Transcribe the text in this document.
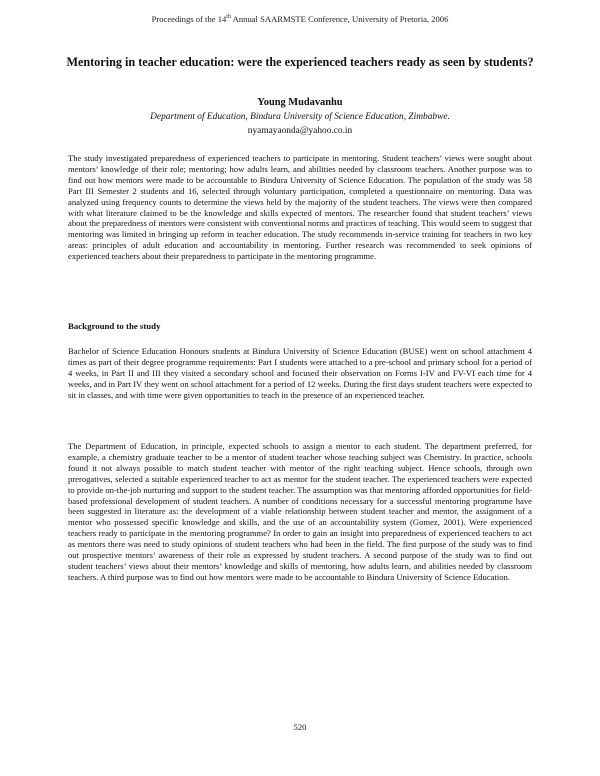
Proceedings of the 14th Annual SAARMSTE Conference, University of Pretoria, 2006
Mentoring in teacher education: were the experienced teachers ready as seen by students?
Young Mudavanhu
Department of Education, Bindura University of Science Education, Zimbabwe.
nyamayaonda@yahoo.co.in

The study investigated preparedness of experienced teachers to participate in mentoring. Student teachers’ views were sought about mentors’ knowledge of their role; mentoring; how adults learn, and abilities needed by classroom teachers. Another purpose was to find out how mentors were made to be accountable to Bindura University of Science Education. The population of the study was 58 Part III Semester 2 students and 16, selected through voluntary participation, completed a questionnaire on mentoring. Data was analyzed using frequency counts to determine the views held by the majority of the student teachers. The views were then compared with what literature claimed to be the knowledge and skills expected of mentors. The researcher found that student teachers’ views about the preparedness of mentors were consistent with conventional norms and practices of teaching. This would seem to suggest that mentoring was limited in bringing up reform in teacher education. The study recommends in-service training for teachers in two key areas: principles of adult education and accountability in mentoring. Further research was recommended to seek opinions of experienced teachers about their preparedness to participate in the mentoring programme.

Background to the study

Bachelor of Science Education Honours students at Bindura University of Science Education (BUSE) went on school attachment 4 times as part of their degree programme requirements: Part I students were attached to a pre-school and primary school for a period of 4 weeks, in Part II and III they visited a secondary school and focused their observation on Forms I-IV and FV-VI each time for 4 weeks, and in Part IV they went on school attachment for a period of 12 weeks. During the first days student teachers were expected to sit in classes, and with time were given opportunities to teach in the presence of an experienced teacher.

The Department of Education, in principle, expected schools to assign a mentor to each student. The department preferred, for example, a chemistry graduate teacher to be a mentor of student teacher whose teaching subject was Chemistry. In practice, schools found it not always possible to match student teacher with mentor of the right teaching subject. Hence schools, through own prerogatives, selected a suitable experienced teacher to act as mentor for the student teacher. The experienced teachers were expected to provide on-the-job nurturing and support to the student teacher. The assumption was that mentoring afforded opportunities for field-based professional development of student teachers. A number of conditions necessary for a successful mentoring programme have been suggested in literature as: the development of a viable relationship between student teacher and mentor, the assignment of a mentor who possessed specific knowledge and skills, and the use of an accountability system (Gomez, 2001). Were experienced teachers ready to participate in the mentoring programme? In order to gain an insight into preparedness of experienced teachers to act as mentors there was need to study opinions of student teachers who had been in the field. The first purpose of the study was to find out prospective mentors’ awareness of their role as expressed by student teachers. A second purpose of the study was to find out student teachers’ views about their mentors’ knowledge and skills of mentoring, how adults learn, and abilities needed by classroom teachers. A third purpose was to find out how mentors were made to be accountable to Bindura University of Science Education.

520
